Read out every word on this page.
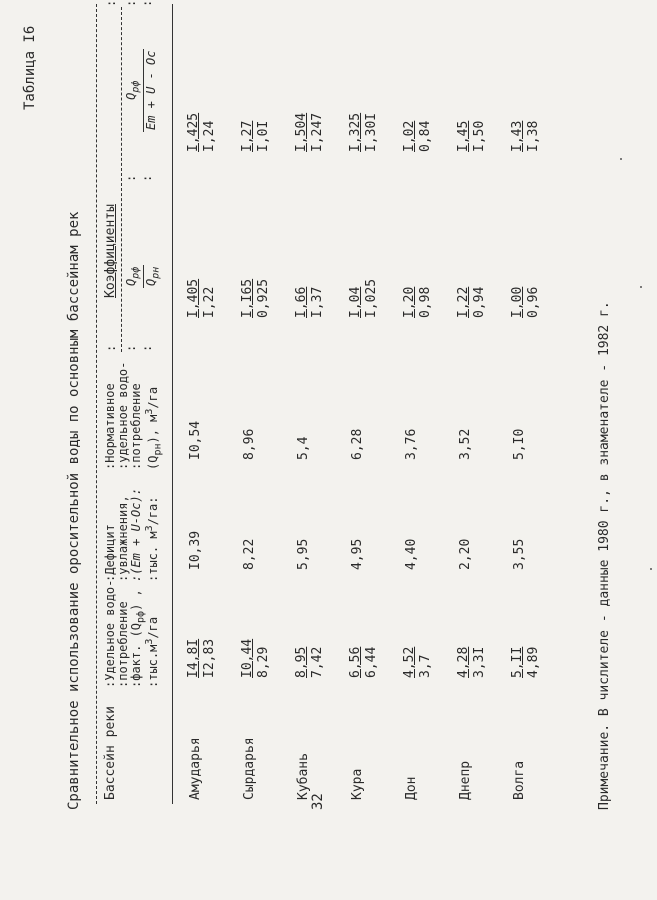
32
Таблица I6
Сравнительное использование оросительной воды по основным бассейнам рек Бассейн реки
:Удельное водо- :потребление :факт. $(Q_{рф})$ ,
$:тыс.м^3/га$
:Дефицит :увлажнения, :(Em + U-Oc): :тыс. $м^3/га$:
:Нормативное :удельное водо- :потребление $(Q_{рн})$, $м^3/га$
Коэффициенты $Q_{рф}$
$Q_{рн}$
$Q_{рф}$ Em + U - Oc
: : :
: :
: : :
Амударья
I4,8I I2,83
I0,39
I0,54
I,405 I,22
I,425 I,24
Сырдарья
I0,44 8,29
8,22
8,96
I,I65 0,925
I,27 I,0I
Кубань
8,95 7,42
5,95
5,4
I,66 I,37
I,504 I,247
Кура
6,56 6,44
4,95
6,28
I,04 I,025
I,325 I,30I
Дон
4,52 3,7
4,40
3,76
I,20 0,98
I,02 0,84
Днепр
4,28 3,3I
2,20
3,52
I,22 0,94
I,45 I,50
Волга
5,II 4,89
3,55
5,I0
I,00 0,96
I,43 I,38
Примечание. В числителе - данные 1980 г., в знаменателе - 1982 г.
